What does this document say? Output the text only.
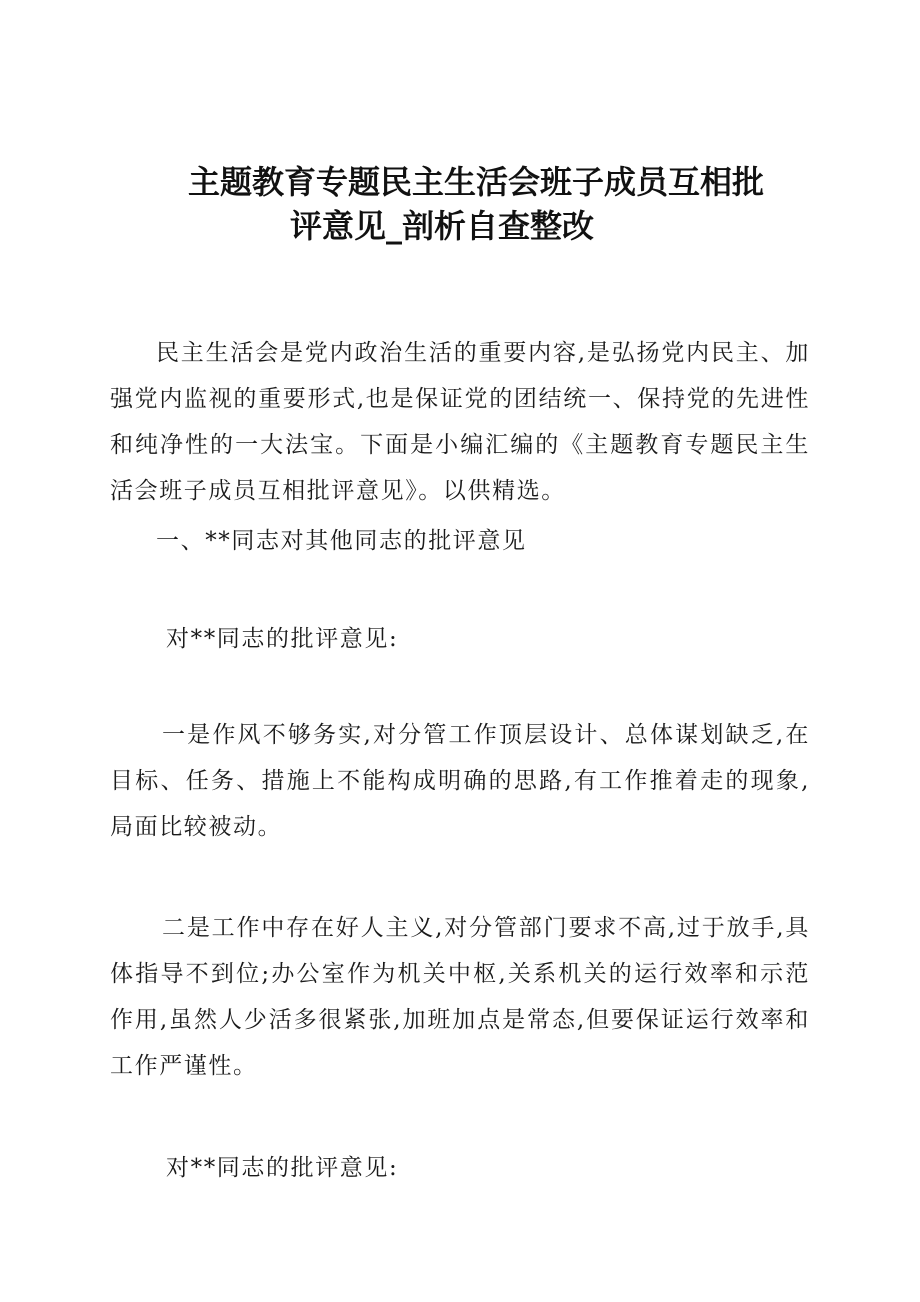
主题教育专题民主生活会班子成员互相批
评意见_剖析自查整改

民主生活会是党内政治生活的重要内容,是弘扬党内民主、加强党内监视的重要形式,也是保证党的团结统一、保持党的先进性和纯净性的一大法宝。下面是小编汇编的《主题教育专题民主生活会班子成员互相批评意见》。以供精选。

一、**同志对其他同志的批评意见

对**同志的批评意见:

一是作风不够务实,对分管工作顶层设计、总体谋划缺乏,在目标、任务、措施上不能构成明确的思路,有工作推着走的现象,局面比较被动。

二是工作中存在好人主义,对分管部门要求不高,过于放手,具体指导不到位;办公室作为机关中枢,关系机关的运行效率和示范作用,虽然人少活多很紧张,加班加点是常态,但要保证运行效率和工作严谨性。

对**同志的批评意见:
